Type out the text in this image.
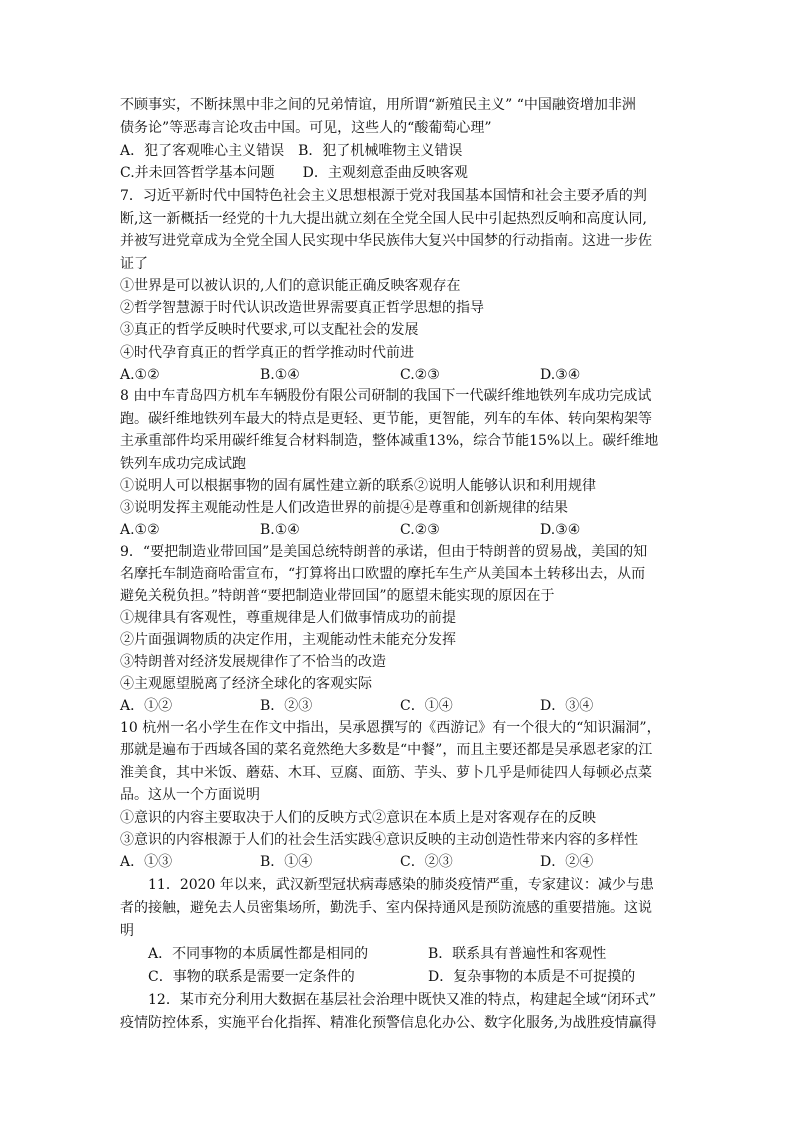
不顾事实，不断抹黑中非之间的兄弟情谊，用所谓“新殖民主义” “中国融资增加非洲

债务论”等恶毒言论攻击中国。可见，这些人的“酸葡萄心理”

A．犯了客观唯心主义错误　B．犯了机械唯物主义错误

C.并未回答哲学基本问题　　D．主观刻意歪曲反映客观

7．习近平新时代中国特色社会主义思想根源于党对我国基本国情和社会主要矛盾的判

断,这一新概括一经党的十九大提出就立刻在全党全国人民中引起热烈反响和高度认同,

并被写进党章成为全党全国人民实现中华民族伟大复兴中国梦的行动指南。这进一步佐

证了

①世界是可以被认识的,人们的意识能正确反映客观存在

②哲学智慧源于时代认识改造世界需要真正哲学思想的指导

③真正的哲学反映时代要求,可以支配社会的发展

④时代孕育真正的哲学真正的哲学推动时代前进

A.①②	B.①④	C.②③	D.③④

8 由中车青岛四方机车车辆股份有限公司研制的我国下一代碳纤维地铁列车成功完成试

跑。碳纤维地铁列车最大的特点是更轻、更节能，更智能，列车的车体、转向架构架等

主承重部件均采用碳纤维复合材料制造，整体减重13%，综合节能15%以上。碳纤维地

铁列车成功完成试跑

①说明人可以根据事物的固有属性建立新的联系②说明人能够认识和利用规律

③说明发挥主观能动性是人们改造世界的前提④是尊重和创新规律的结果

A.①②	B.①④	C.②③	D.③④

9．“要把制造业带回国”是美国总统特朗普的承诺，但由于特朗普的贸易战，美国的知

名摩托车制造商哈雷宣布，“打算将出口欧盟的摩托车生产从美国本土转移出去，从而

避免关税负担。”特朗普“要把制造业带回国”的愿望未能实现的原因在于

①规律具有客观性，尊重规律是人们做事情成功的前提

②片面强调物质的决定作用，主观能动性未能充分发挥

③特朗普对经济发展规律作了不恰当的改造

④主观愿望脱离了经济全球化的客观实际

A．①②	B．②③	C．①④	D．③④

10 杭州一名小学生在作文中指出，吴承恩撰写的《西游记》有一个很大的“知识漏洞”，

那就是遍布于西域各国的菜名竟然绝大多数是“中餐”，而且主要还都是吴承恩老家的江

淮美食，其中米饭、蘑菇、木耳、豆腐、面筋、芋头、萝卜几乎是师徒四人每顿必点菜

品。这从一个方面说明

①意识的内容主要取决于人们的反映方式②意识在本质上是对客观存在的反映

③意识的内容根源于人们的社会生活实践④意识反映的主动创造性带来内容的多样性

A．①③	B．①④	C．②③	D．②④

11．2020 年以来，武汉新型冠状病毒感染的肺炎疫情严重，专家建议：减少与患

者的接触，避免去人员密集场所，勤洗手、室内保持通风是预防流感的重要措施。这说

明

A．不同事物的本质属性都是相同的	B．联系具有普遍性和客观性
C．事物的联系是需要一定条件的	D．复杂事物的本质是不可捉摸的

12．某市充分利用大数据在基层社会治理中既快又准的特点，构建起全域“闭环式”

疫情防控体系，实施平台化指挥、精准化预警信息化办公、数字化服务,为战胜疫情赢得
